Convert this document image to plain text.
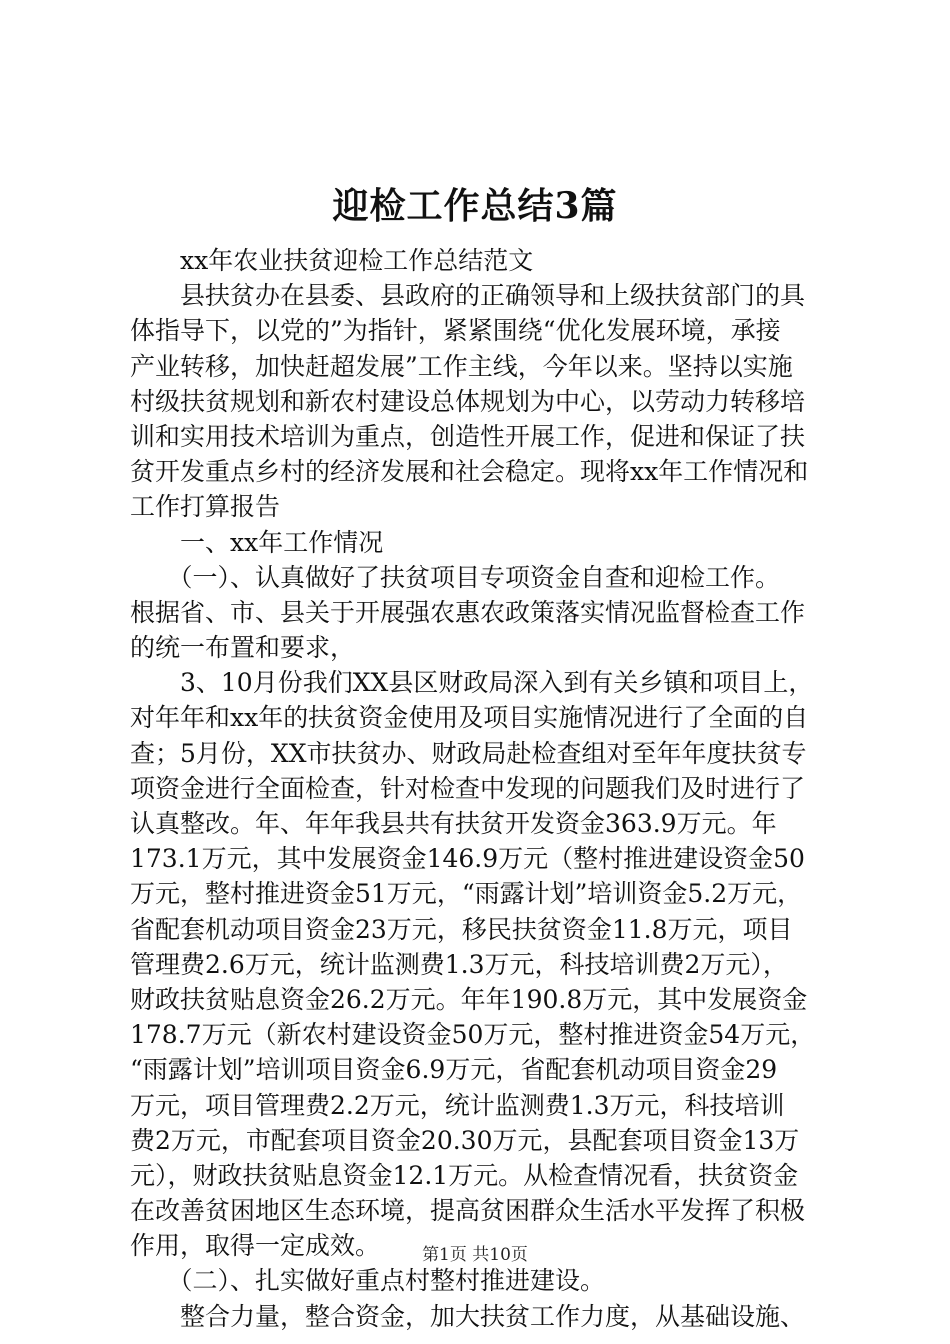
迎检工作总结3篇
　　xx年农业扶贫迎检工作总结范文
　　县扶贫办在县委、县政府的正确领导和上级扶贫部门的具
体指导下，以党的”为指针，紧紧围绕“优化发展环境，承接
产业转移，加快赶超发展”工作主线，今年以来。坚持以实施
村级扶贫规划和新农村建设总体规划为中心，以劳动力转移培
训和实用技术培训为重点，创造性开展工作，促进和保证了扶
贫开发重点乡村的经济发展和社会稳定。现将xx年工作情况和
工作打算报告
　　一、xx年工作情况
　　（一）、认真做好了扶贫项目专项资金自查和迎检工作。
根据省、市、县关于开展强农惠农政策落实情况监督检查工作
的统一布置和要求，
　　3、10月份我们XX县区财政局深入到有关乡镇和项目上，
对年年和xx年的扶贫资金使用及项目实施情况进行了全面的自
查；5月份，XX市扶贫办、财政局赴检查组对至年年度扶贫专
项资金进行全面检查，针对检查中发现的问题我们及时进行了
认真整改。年、年年我县共有扶贫开发资金363.9万元。年
173.1万元，其中发展资金146.9万元（整村推进建设资金50
万元，整村推进资金51万元，“雨露计划”培训资金5.2万元，
省配套机动项目资金23万元，移民扶贫资金11.8万元，项目
管理费2.6万元，统计监测费1.3万元，科技培训费2万元），
财政扶贫贴息资金26.2万元。年年190.8万元，其中发展资金
178.7万元（新农村建设资金50万元，整村推进资金54万元，
“雨露计划”培训项目资金6.9万元，省配套机动项目资金29
万元，项目管理费2.2万元，统计监测费1.3万元，科技培训
费2万元，市配套项目资金20.30万元，县配套项目资金13万
元），财政扶贫贴息资金12.1万元。从检查情况看，扶贫资金
在改善贫困地区生态环境，提高贫困群众生活水平发挥了积极
作用，取得一定成效。
　　（二）、扎实做好重点村整村推进建设。
　　整合力量，整合资金，加大扶贫工作力度，从基础设施、
第1页 共10页
